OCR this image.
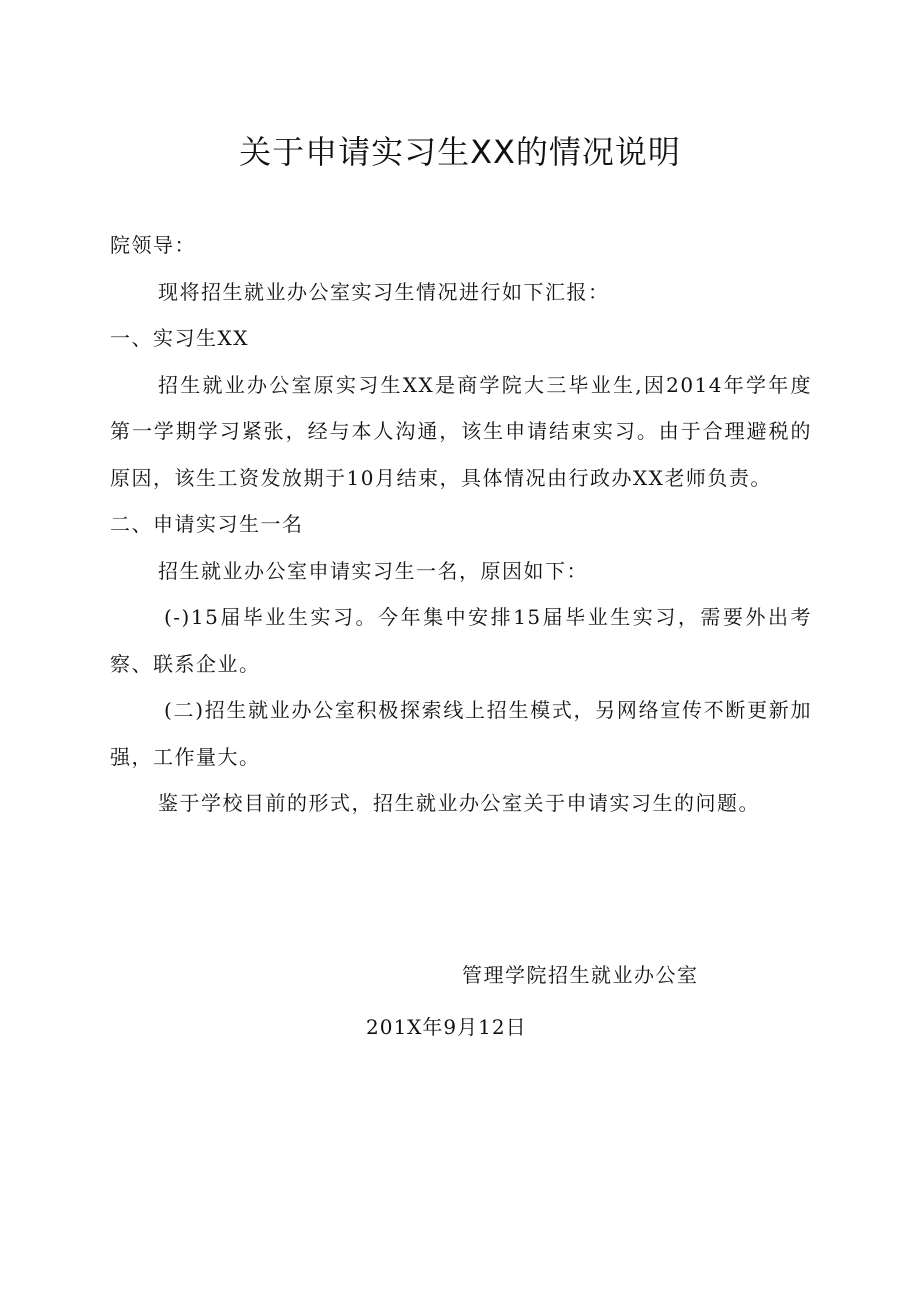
关于申请实习生XX的情况说明

院领导：

现将招生就业办公室实习生情况进行如下汇报：

一、实习生XX

招生就业办公室原实习生XX是商学院大三毕业生,因2014年学年度第一学期学习紧张，经与本人沟通，该生申请结束实习。由于合理避税的原因，该生工资发放期于10月结束，具体情况由行政办XX老师负责。

二、申请实习生一名

招生就业办公室申请实习生一名，原因如下：

(-)15届毕业生实习。今年集中安排15届毕业生实习，需要外出考察、联系企业。

(二)招生就业办公室积极探索线上招生模式，另网络宣传不断更新加强，工作量大。

鉴于学校目前的形式，招生就业办公室关于申请实习生的问题。

管理学院招生就业办公室

201X年9月12日
